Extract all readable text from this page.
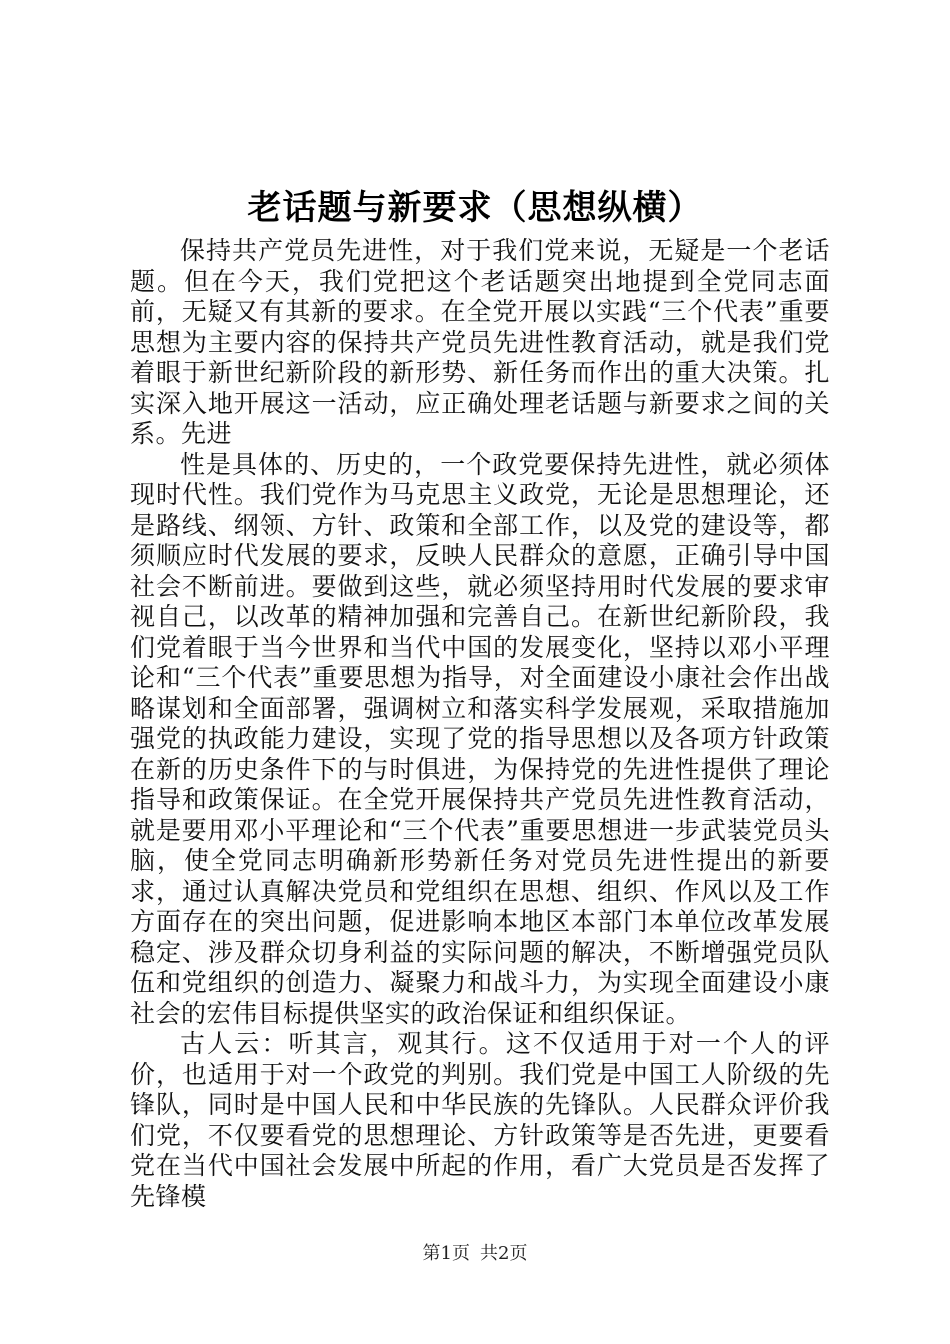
老话题与新要求（思想纵横）

保持共产党员先进性，对于我们党来说，无疑是一个老话题。但在今天，我们党把这个老话题突出地提到全党同志面前，无疑又有其新的要求。在全党开展以实践“三个代表”重要思想为主要内容的保持共产党员先进性教育活动，就是我们党着眼于新世纪新阶段的新形势、新任务而作出的重大决策。扎实深入地开展这一活动，应正确处理老话题与新要求之间的关系。先进

性是具体的、历史的，一个政党要保持先进性，就必须体现时代性。我们党作为马克思主义政党，无论是思想理论，还是路线、纲领、方针、政策和全部工作，以及党的建设等，都须顺应时代发展的要求，反映人民群众的意愿，正确引导中国社会不断前进。要做到这些，就必须坚持用时代发展的要求审视自己，以改革的精神加强和完善自己。在新世纪新阶段，我们党着眼于当今世界和当代中国的发展变化，坚持以邓小平理论和“三个代表”重要思想为指导，对全面建设小康社会作出战略谋划和全面部署，强调树立和落实科学发展观，采取措施加强党的执政能力建设，实现了党的指导思想以及各项方针政策在新的历史条件下的与时俱进，为保持党的先进性提供了理论指导和政策保证。在全党开展保持共产党员先进性教育活动，就是要用邓小平理论和“三个代表”重要思想进一步武装党员头脑，使全党同志明确新形势新任务对党员先进性提出的新要求，通过认真解决党员和党组织在思想、组织、作风以及工作方面存在的突出问题，促进影响本地区本部门本单位改革发展稳定、涉及群众切身利益的实际问题的解决，不断增强党员队伍和党组织的创造力、凝聚力和战斗力，为实现全面建设小康社会的宏伟目标提供坚实的政治保证和组织保证。

古人云：听其言，观其行。这不仅适用于对一个人的评价，也适用于对一个政党的判别。我们党是中国工人阶级的先锋队，同时是中国人民和中华民族的先锋队。人民群众评价我们党，不仅要看党的思想理论、方针政策等是否先进，更要看党在当代中国社会发展中所起的作用，看广大党员是否发挥了先锋模

第1页 共2页
